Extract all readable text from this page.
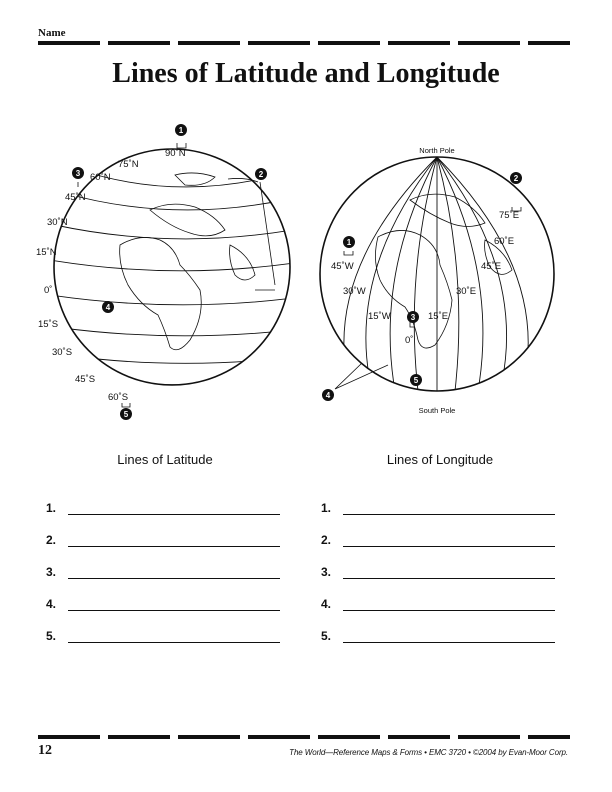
Name
Lines of Latitude and Longitude
90˚N
75˚N
60˚N
45˚N
30˚N
15˚N
0˚
15˚S
30˚S
45˚S
60˚S
1
2
3
4
5
North Pole
South Pole
75˚E
60˚E
45˚E
30˚E
15˚E
0˚
15˚W
30˚W
45˚W
1
2
3
4
5
Lines of Latitude	Lines of Longitude
1.
2.
3.
4.
5.
1.
2.
3.
4.
5.
12	The World—Reference Maps & Forms • EMC 3720 • ©2004 by Evan-Moor Corp.
